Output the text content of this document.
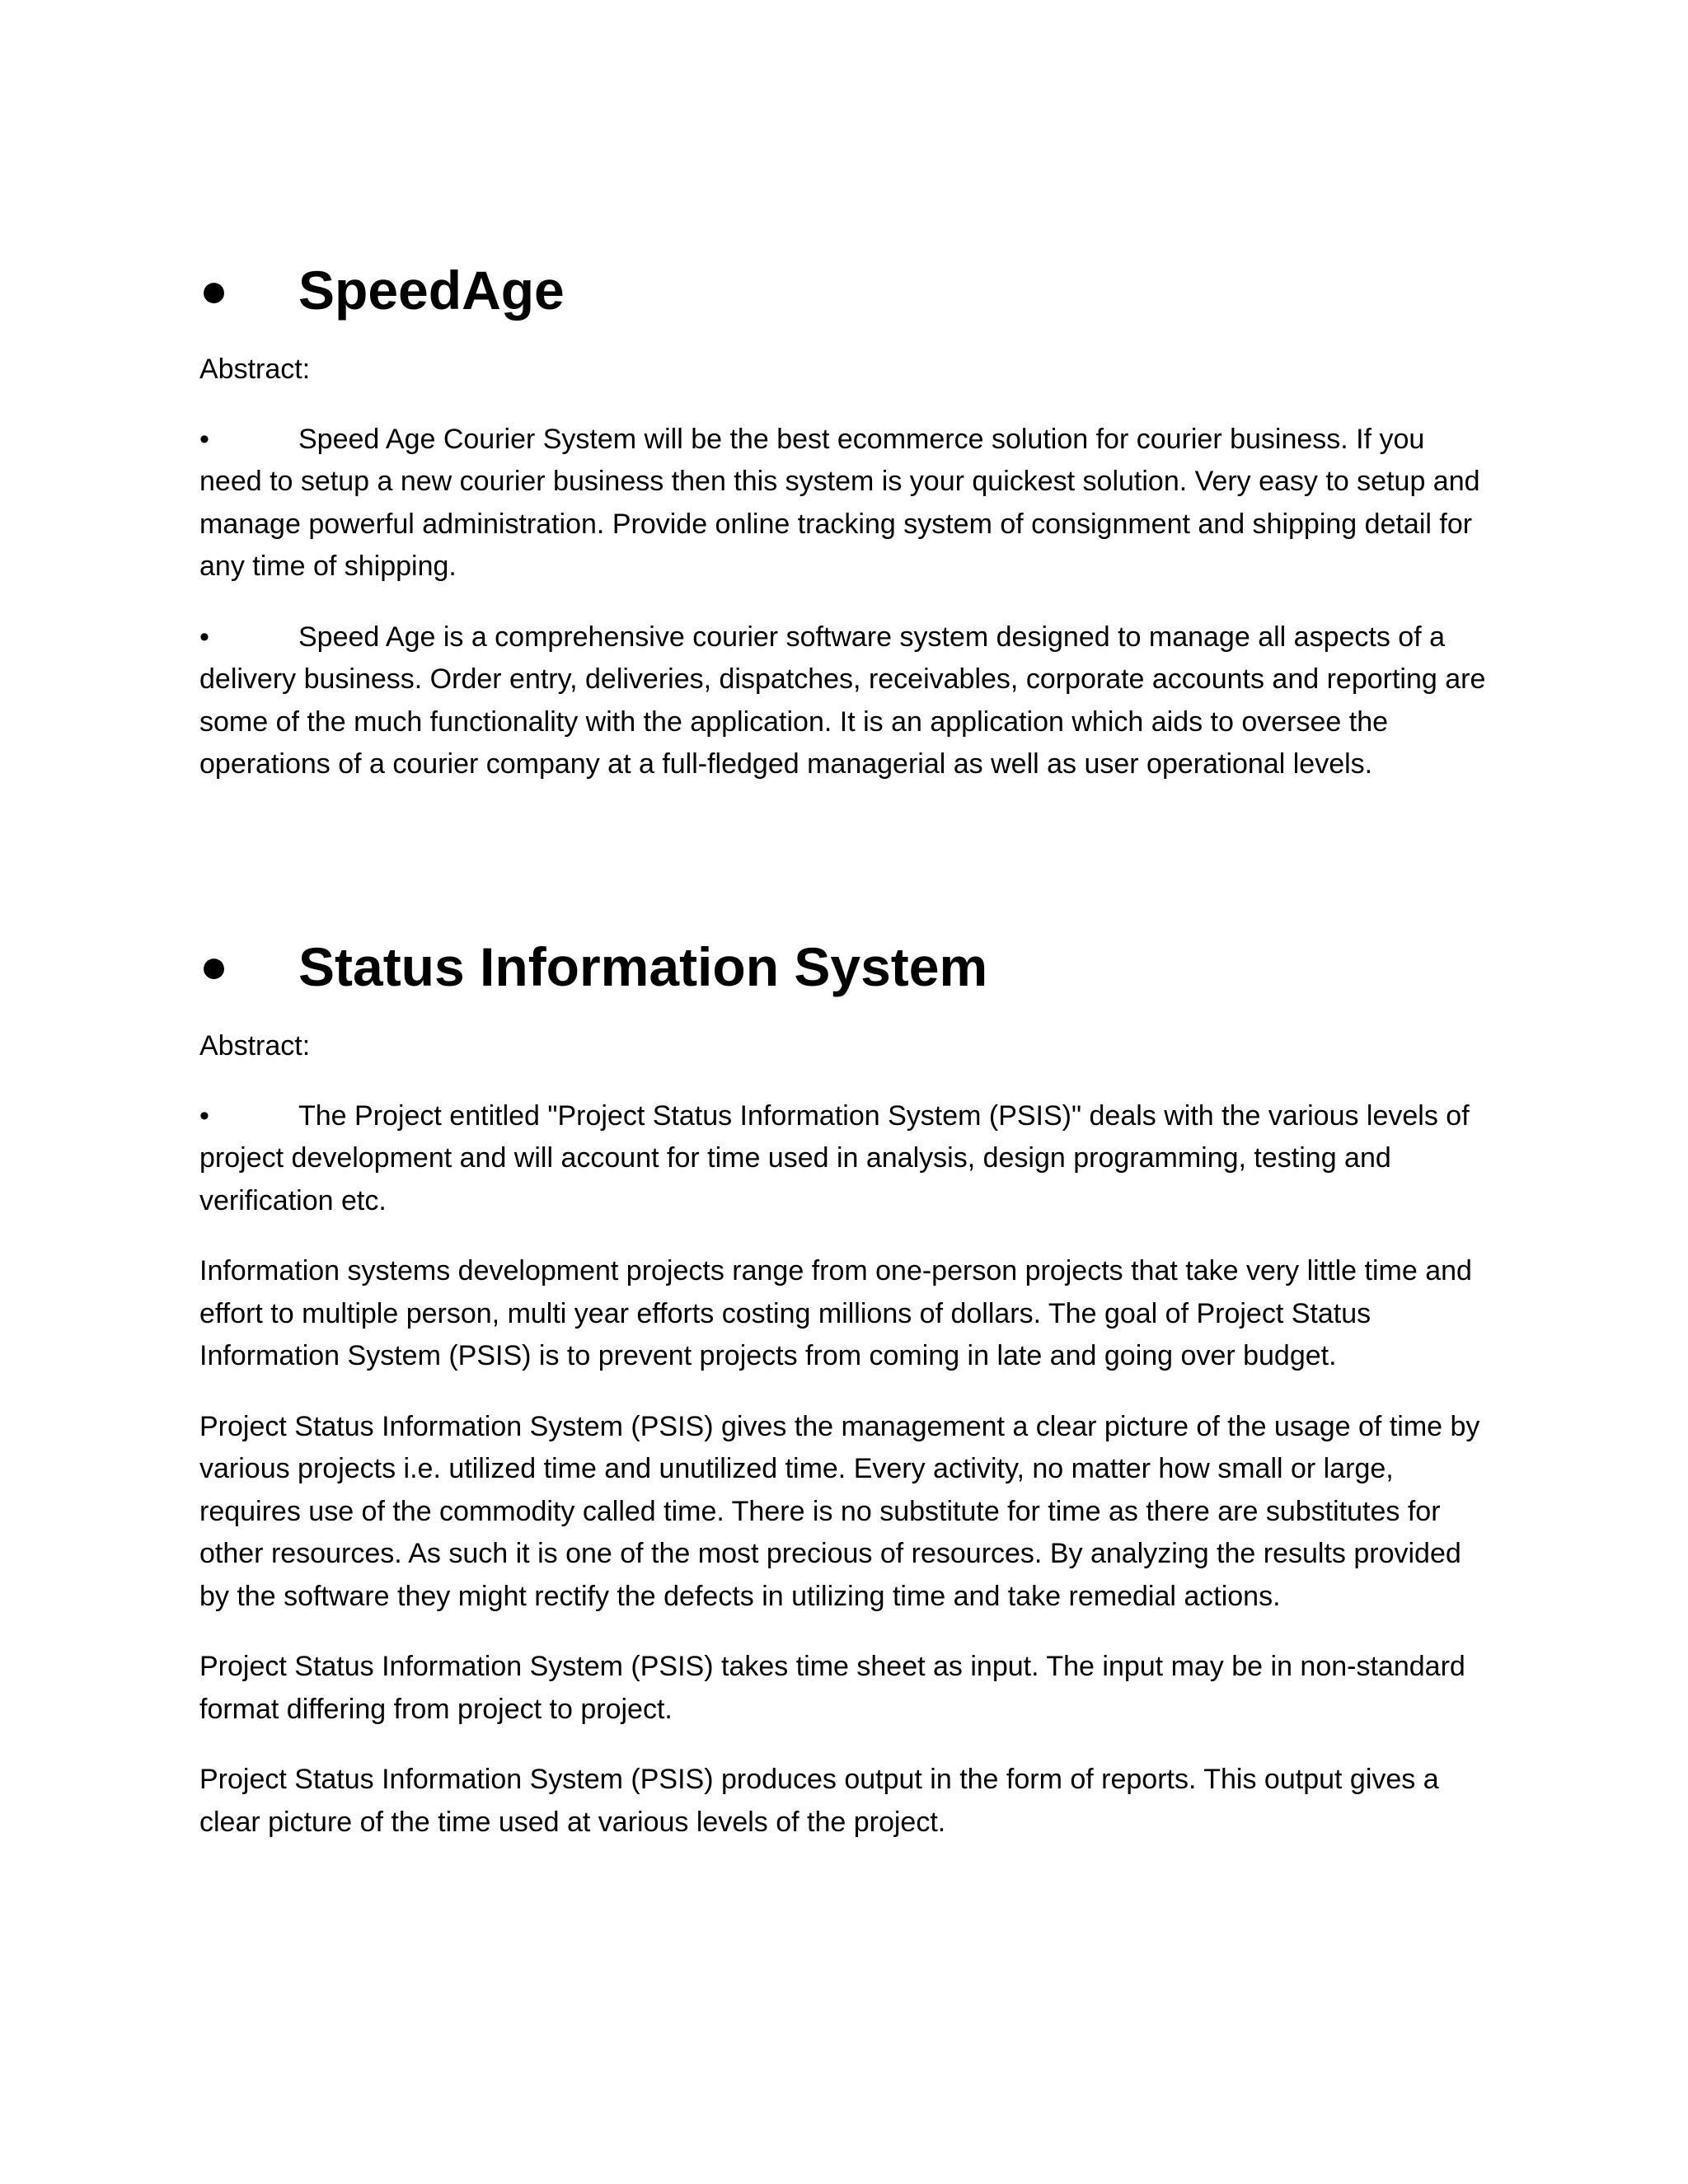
●	SpeedAge

Abstract:

•	Speed Age Courier System will be the best ecommerce solution for courier business. If you need to setup a new courier business then this system is your quickest solution. Very easy to setup and manage powerful administration. Provide online tracking system of consignment and shipping detail for any time of shipping.

•	Speed Age is a comprehensive courier software system designed to manage all aspects of a delivery business. Order entry, deliveries, dispatches, receivables, corporate accounts and reporting are some of the much functionality with the application. It is an application which aids to oversee the operations of a courier company at a full-fledged managerial as well as user operational levels.

●	Status Information System

Abstract:

•	The Project entitled "Project Status Information System (PSIS)" deals with the various levels of project development and will account for time used in analysis, design programming, testing and verification etc.

Information systems development projects range from one-person projects that take very little time and effort to multiple person, multi year efforts costing millions of dollars. The goal of Project Status Information System (PSIS) is to prevent projects from coming in late and going over budget.

Project Status Information System (PSIS) gives the management a clear picture of the usage of time by various projects i.e. utilized time and unutilized time. Every activity, no matter how small or large, requires use of the commodity called time. There is no substitute for time as there are substitutes for other resources. As such it is one of the most precious of resources. By analyzing the results provided by the software they might rectify the defects in utilizing time and take remedial actions.

Project Status Information System (PSIS) takes time sheet as input. The input may be in non-standard format differing from project to project.

Project Status Information System (PSIS) produces output in the form of reports. This output gives a clear picture of the time used at various levels of the project.
